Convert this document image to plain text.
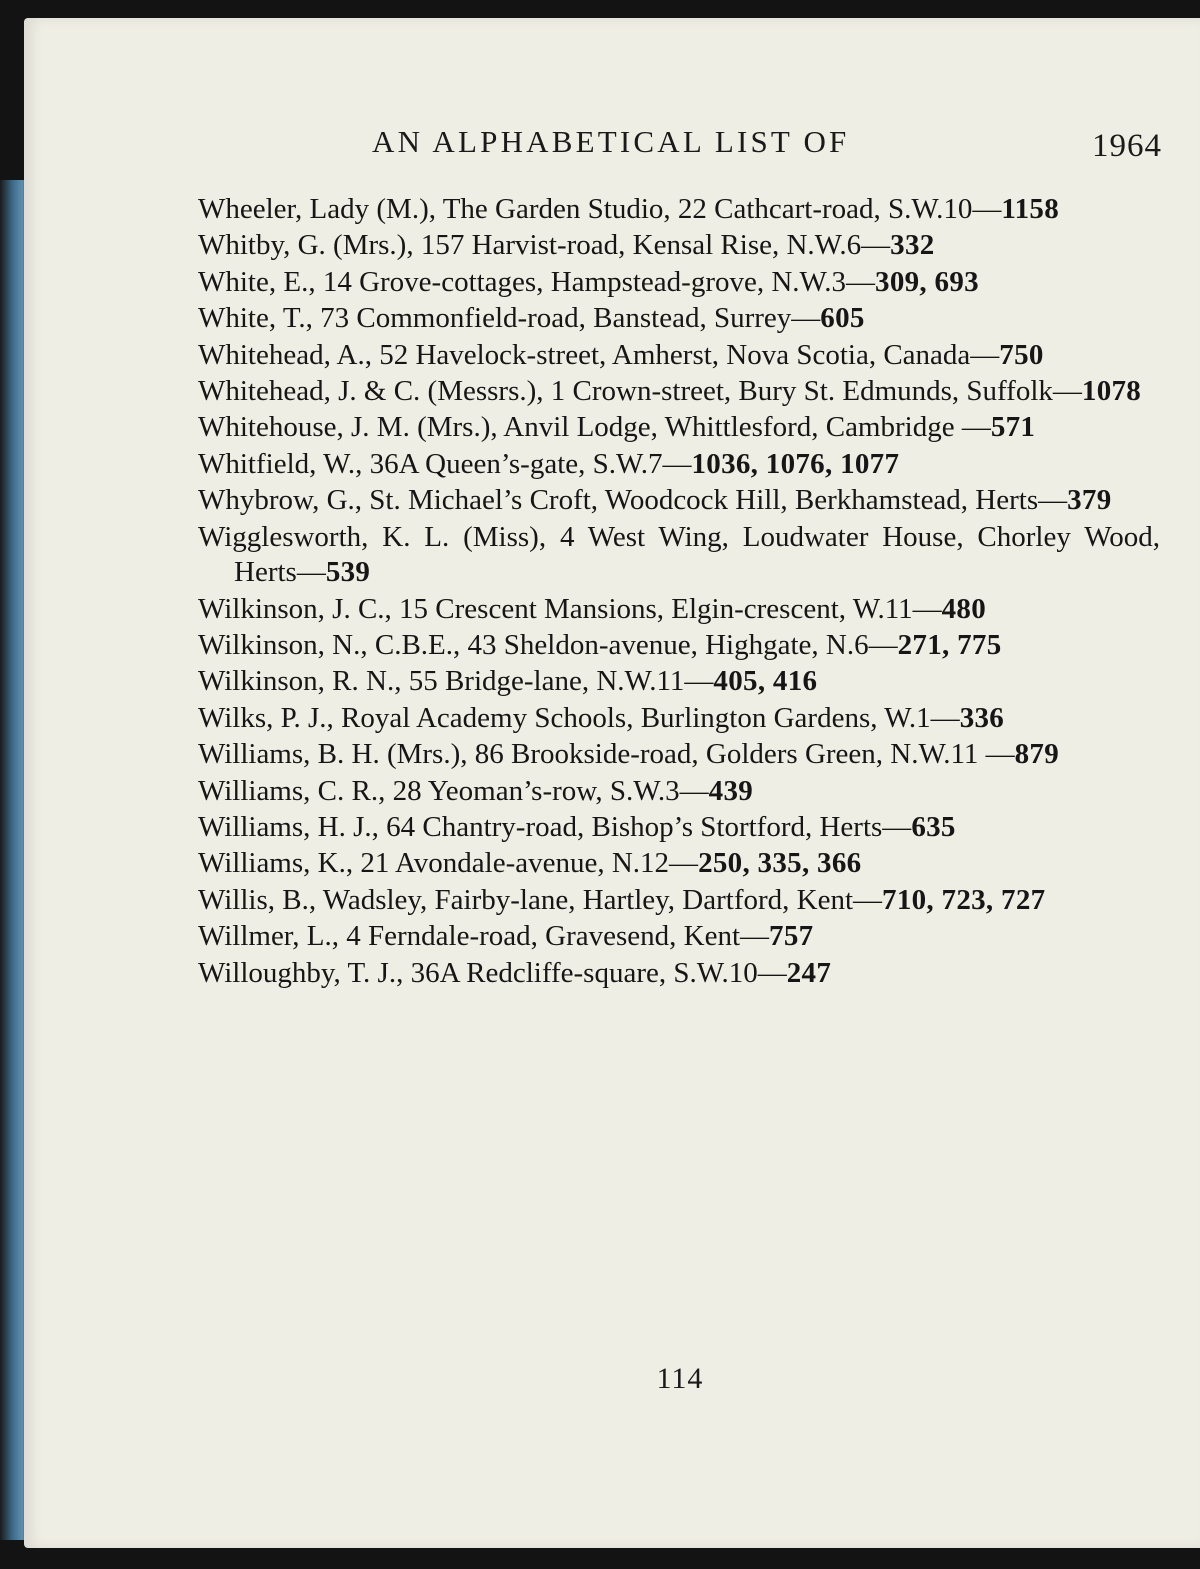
AN ALPHABETICAL LIST OF	1964

Wheeler, Lady (M.), The Garden Studio, 22 Cathcart-road, S.W.10—1158

Whitby, G. (Mrs.), 157 Harvist-road, Kensal Rise, N.W.6—332

White, E., 14 Grove-cottages, Hampstead-grove, N.W.3—309, 693

White, T., 73 Commonfield-road, Banstead, Surrey—605

Whitehead, A., 52 Havelock-street, Amherst, Nova Scotia, Canada—750

Whitehead, J. & C. (Messrs.), 1 Crown-street, Bury St. Edmunds, Suffolk—1078

Whitehouse, J. M. (Mrs.), Anvil Lodge, Whittlesford, Cambridge —571

Whitfield, W., 36A Queen’s-gate, S.W.7—1036, 1076, 1077

Whybrow, G., St. Michael’s Croft, Woodcock Hill, Berkhamstead, Herts—379

Wigglesworth, K. L. (Miss), 4 West Wing, Loudwater House, Chorley Wood, Herts—539

Wilkinson, J. C., 15 Crescent Mansions, Elgin-crescent, W.11—480

Wilkinson, N., C.B.E., 43 Sheldon-avenue, Highgate, N.6—271, 775

Wilkinson, R. N., 55 Bridge-lane, N.W.11—405, 416

Wilks, P. J., Royal Academy Schools, Burlington Gardens, W.1—336

Williams, B. H. (Mrs.), 86 Brookside-road, Golders Green, N.W.11 —879

Williams, C. R., 28 Yeoman’s-row, S.W.3—439

Williams, H. J., 64 Chantry-road, Bishop’s Stortford, Herts—635

Williams, K., 21 Avondale-avenue, N.12—250, 335, 366

Willis, B., Wadsley, Fairby-lane, Hartley, Dartford, Kent—710, 723, 727

Willmer, L., 4 Ferndale-road, Gravesend, Kent—757

Willoughby, T. J., 36A Redcliffe-square, S.W.10—247

114
